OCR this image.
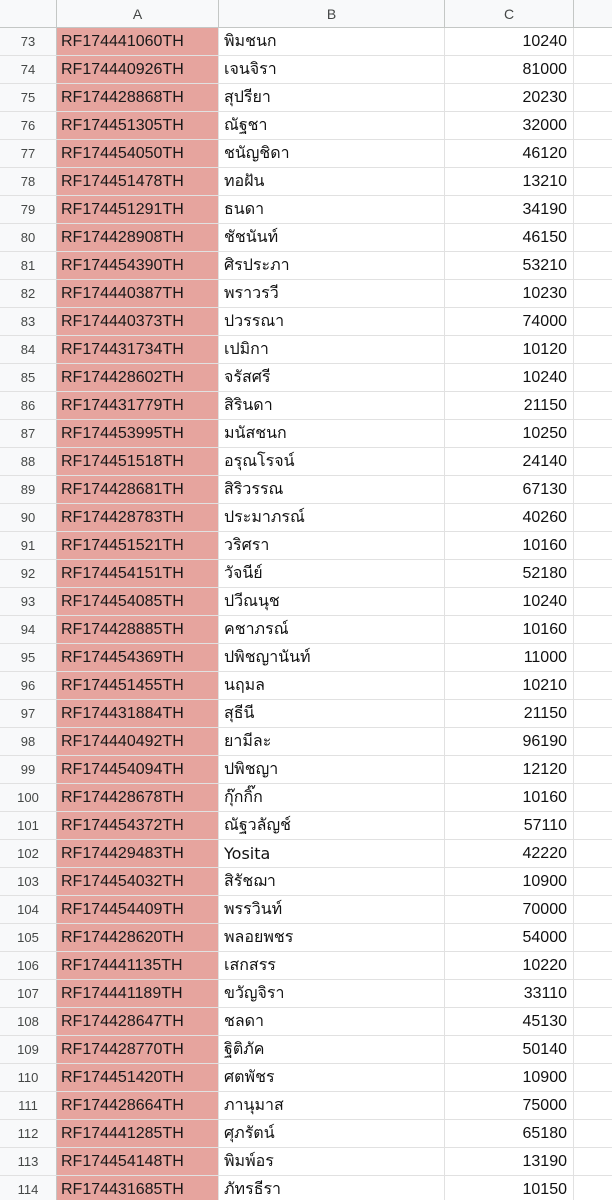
A	B	C
73	RF174441060TH	พิมชนก	10240
74	RF174440926TH	เจนจิรา	81000
75	RF174428868TH	สุปรียา	20230
76	RF174451305TH	ณัฐชา	32000
77	RF174454050TH	ชนัญชิดา	46120
78	RF174451478TH	ทอฝัน	13210
79	RF174451291TH	ธนดา	34190
80	RF174428908TH	ชัชนันท์	46150
81	RF174454390TH	ศิรประภา	53210
82	RF174440387TH	พราวรวี	10230
83	RF174440373TH	ปวรรณา	74000
84	RF174431734TH	เปมิกา	10120
85	RF174428602TH	จรัสศรี	10240
86	RF174431779TH	สิรินดา	21150
87	RF174453995TH	มนัสชนก	10250
88	RF174451518TH	อรุณโรจน์	24140
89	RF174428681TH	สิริวรรณ	67130
90	RF174428783TH	ประมาภรณ์	40260
91	RF174451521TH	วริศรา	10160
92	RF174454151TH	วัจนีย์	52180
93	RF174454085TH	ปวีณนุช	10240
94	RF174428885TH	คชาภรณ์	10160
95	RF174454369TH	ปพิชญานันท์	11000
96	RF174451455TH	นฤมล	10210
97	RF174431884TH	สุธีนี	21150
98	RF174440492TH	ยามีละ	96190
99	RF174454094TH	ปพิชญา	12120
100	RF174428678TH	กุ๊กกิ๊ก	10160
101	RF174454372TH	ณัฐวลัญช์	57110
102	RF174429483TH	Yosita	42220
103	RF174454032TH	สิรัชฌา	10900
104	RF174454409TH	พรรวินท์	70000
105	RF174428620TH	พลอยพชร	54000
106	RF174441135TH	เสกสรร	10220
107	RF174441189TH	ขวัญจิรา	33110
108	RF174428647TH	ชลดา	45130
109	RF174428770TH	ฐิติภัค	50140
110	RF174451420TH	ศตพัชร	10900
111	RF174428664TH	ภานุมาส	75000
112	RF174441285TH	ศุภรัตน์	65180
113	RF174454148TH	พิมพ์อร	13190
114	RF174431685TH	ภัทรธีรา	10150
